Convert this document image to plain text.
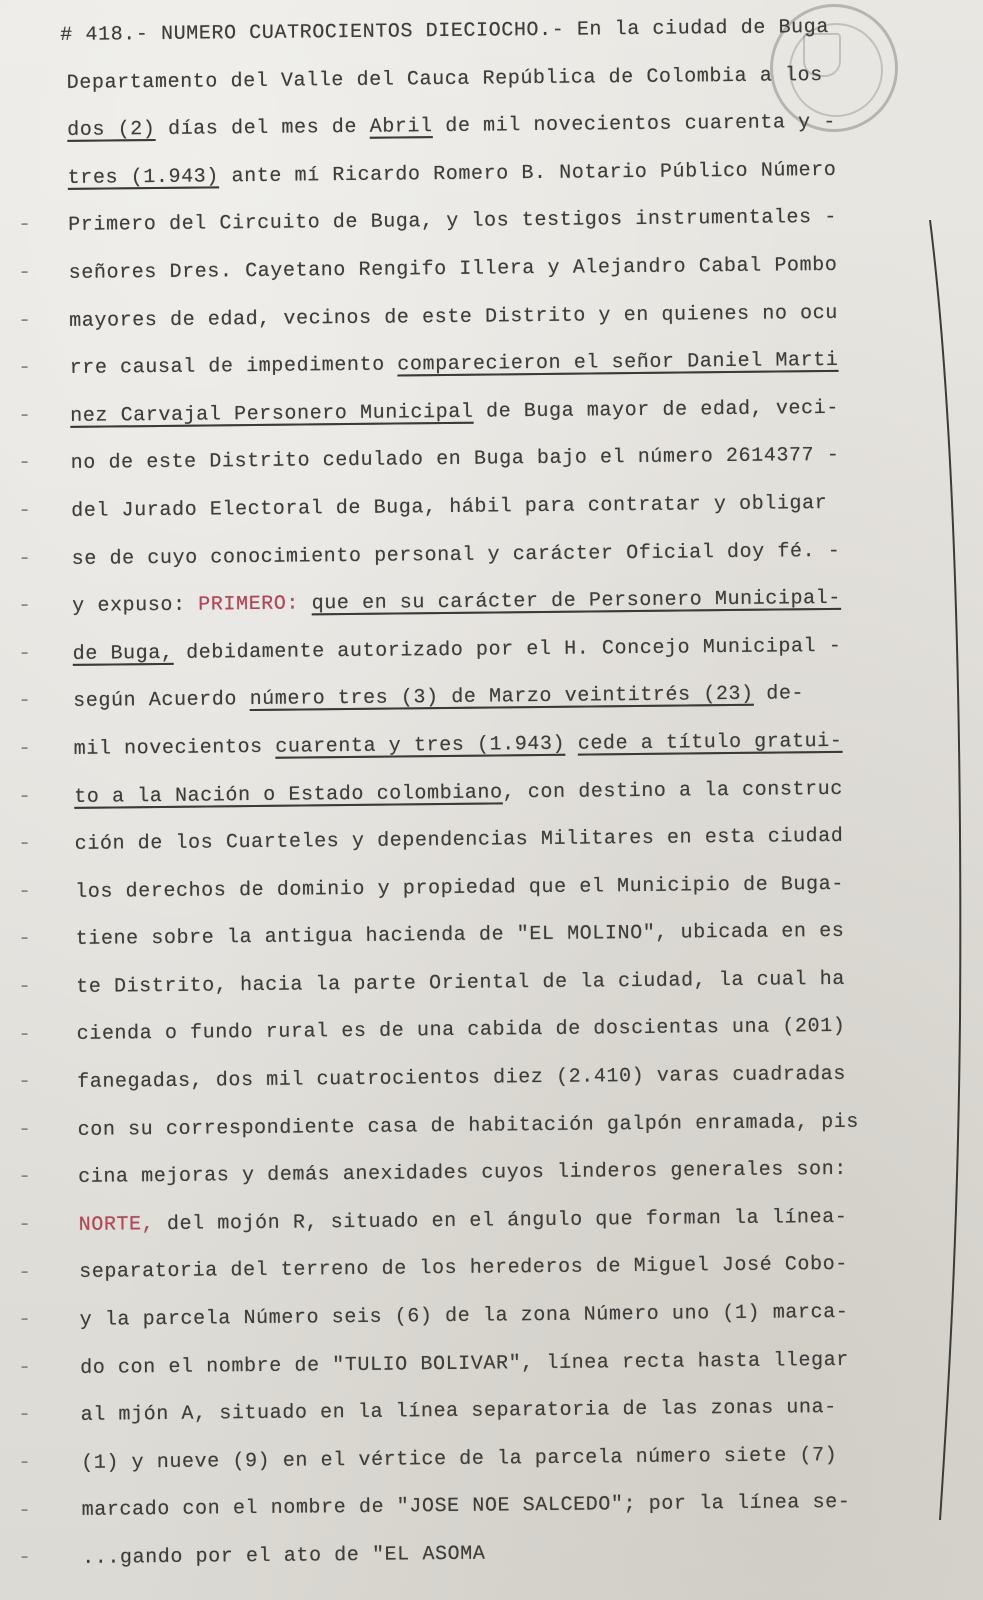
-
-
-
-
-
-
-
-
-
-
-
-
-
-
-
-
-
-
-
-
-
-
-
-
-
-
-
-
-
# 418.- NUMERO CUATROCIENTOS DIECIOCHO.- En la ciudad de Buga
Departamento del Valle del Cauca República de Colombia a los
dos (2) días del mes de Abril de mil novecientos cuarenta y -
tres (1.943) ante mí Ricardo Romero B. Notario Público Número
Primero del Circuito de Buga, y los testigos instrumentales -
señores Dres. Cayetano Rengifo Illera y Alejandro Cabal Pombo
mayores de edad, vecinos de este Distrito y en quienes no ocu
rre causal de impedimento comparecieron el señor Daniel Marti
nez Carvajal Personero Municipal de Buga mayor de edad, veci-
no de este Distrito cedulado en Buga bajo el número 2614377 -
del Jurado Electoral de Buga, hábil para contratar y obligar
se de cuyo conocimiento personal y carácter Oficial doy fé. -
y expuso: PRIMERO: que en su carácter de Personero Municipal-
de Buga, debidamente autorizado por el H. Concejo Municipal -
según Acuerdo número tres (3) de Marzo veintitrés (23) de-
mil novecientos cuarenta y tres (1.943) cede a título gratui-
to a la Nación o Estado colombiano, con destino a la construc
ción de los Cuarteles y dependencias Militares en esta ciudad
los derechos de dominio y propiedad que el Municipio de Buga-
tiene sobre la antigua hacienda de "EL MOLINO", ubicada en es
te Distrito, hacia la parte Oriental de la ciudad, la cual ha
cienda o fundo rural es de una cabida de doscientas una (201)
fanegadas, dos mil cuatrocientos diez (2.410) varas cuadradas
con su correspondiente casa de habitación galpón enramada, pis
cina mejoras y demás anexidades cuyos linderos generales son:
NORTE, del mojón R, situado en el ángulo que forman la línea-
separatoria del terreno de los herederos de Miguel José Cobo-
y la parcela Número seis (6) de la zona Número uno (1) marca-
do con el nombre de "TULIO BOLIVAR", línea recta hasta llegar
al mjón A, situado en la línea separatoria de las zonas una-
(1) y nueve (9) en el vértice de la parcela número siete (7)
marcado con el nombre de "JOSE NOE SALCEDO"; por la línea se-
...gando por el ato de "EL ASOMA
